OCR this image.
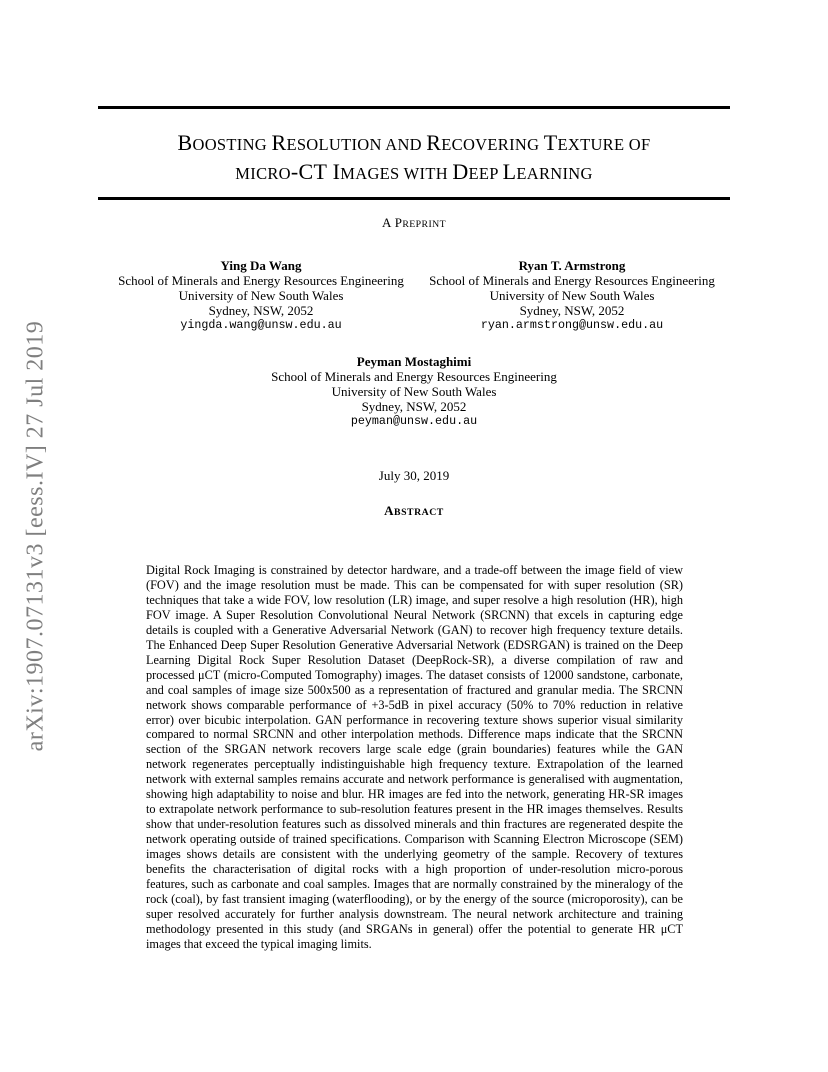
arXiv:1907.07131v3 [eess.IV] 27 Jul 2019
BOOSTING RESOLUTION AND RECOVERING TEXTURE OF
MICRO-CT IMAGES WITH DEEP LEARNING
A PREPRINT
Ying Da Wang
School of Minerals and Energy Resources Engineering
University of New South Wales
Sydney, NSW, 2052
yingda.wang@unsw.edu.au
Ryan T. Armstrong
School of Minerals and Energy Resources Engineering
University of New South Wales
Sydney, NSW, 2052
ryan.armstrong@unsw.edu.au
Peyman Mostaghimi
School of Minerals and Energy Resources Engineering
University of New South Wales
Sydney, NSW, 2052
peyman@unsw.edu.au
July 30, 2019
ABSTRACT
Digital Rock Imaging is constrained by detector hardware, and a trade-off between the image field of view (FOV) and the image resolution must be made. This can be compensated for with super resolution (SR) techniques that take a wide FOV, low resolution (LR) image, and super resolve a high resolution (HR), high FOV image. A Super Resolution Convolutional Neural Network (SRCNN) that excels in capturing edge details is coupled with a Generative Adversarial Network (GAN) to recover high frequency texture details. The Enhanced Deep Super Resolution Generative Adversarial Network (EDSRGAN) is trained on the Deep Learning Digital Rock Super Resolution Dataset (DeepRock-SR), a diverse compilation of raw and processed μCT (micro-Computed Tomography) images. The dataset consists of 12000 sandstone, carbonate, and coal samples of image size 500x500 as a representation of fractured and granular media. The SRCNN network shows comparable performance of +3-5dB in pixel accuracy (50% to 70% reduction in relative error) over bicubic interpolation. GAN performance in recovering texture shows superior visual similarity compared to normal SRCNN and other interpolation methods. Difference maps indicate that the SRCNN section of the SRGAN network recovers large scale edge (grain boundaries) features while the GAN network regenerates perceptually indistinguishable high frequency texture. Extrapolation of the learned network with external samples remains accurate and network performance is generalised with augmentation, showing high adaptability to noise and blur. HR images are fed into the network, generating HR-SR images to extrapolate network performance to sub-resolution features present in the HR images themselves. Results show that under-resolution features such as dissolved minerals and thin fractures are regenerated despite the network operating outside of trained specifications. Comparison with Scanning Electron Microscope (SEM) images shows details are consistent with the underlying geometry of the sample. Recovery of textures benefits the characterisation of digital rocks with a high proportion of under-resolution micro-porous features, such as carbonate and coal samples. Images that are normally constrained by the mineralogy of the rock (coal), by fast transient imaging (waterflooding), or by the energy of the source (microporosity), can be super resolved accurately for further analysis downstream. The neural network architecture and training methodology presented in this study (and SRGANs in general) offer the potential to generate HR μCT images that exceed the typical imaging limits.
